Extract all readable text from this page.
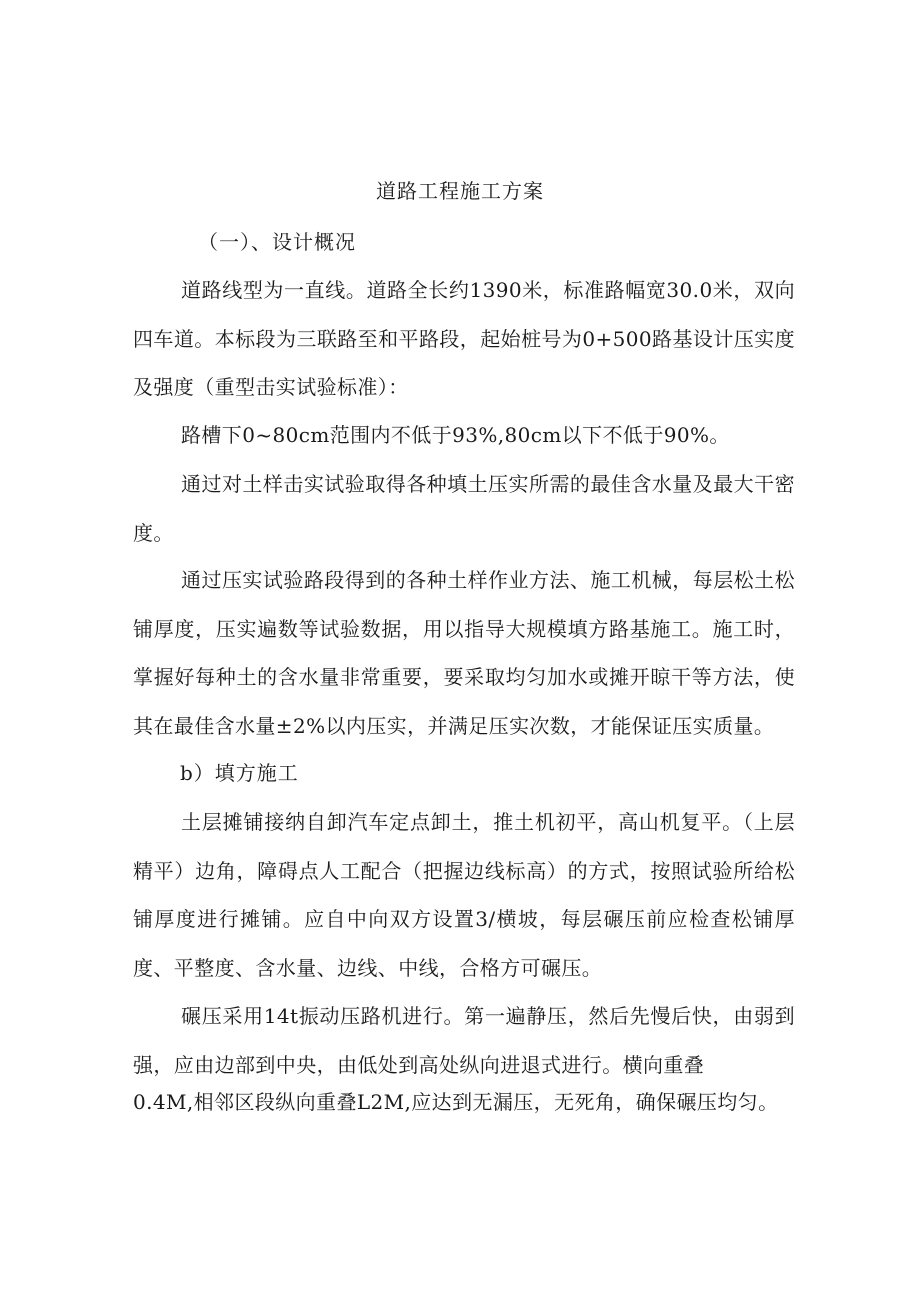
道路工程施工方案
（一）、设计概况

道路线型为一直线。道路全长约1390米，标准路幅宽30.0米，双向四车道。本标段为三联路至和平路段，起始桩号为0+500路基设计压实度及强度（重型击实试验标准）：

路槽下0~80cm范围内不低于93%,80cm以下不低于90%。

通过对土样击实试验取得各种填土压实所需的最佳含水量及最大干密度。

通过压实试验路段得到的各种土样作业方法、施工机械，每层松土松铺厚度，压实遍数等试验数据，用以指导大规模填方路基施工。施工时，掌握好每种土的含水量非常重要，要采取均匀加水或摊开晾干等方法，使其在最佳含水量±2%以内压实，并满足压实次数，才能保证压实质量。

b）填方施工

土层摊铺接纳自卸汽车定点卸土，推土机初平，高山机复平。（上层精平）边角，障碍点人工配合（把握边线标高）的方式，按照试验所给松铺厚度进行摊铺。应自中向双方设置3/横坡，每层碾压前应检查松铺厚度、平整度、含水量、边线、中线，合格方可碾压。

碾压采用14t振动压路机进行。第一遍静压，然后先慢后快，由弱到强，应由边部到中央，由低处到高处纵向进退式进行。横向重叠

0.4M,相邻区段纵向重叠L2M,应达到无漏压，无死角，确保碾压均匀。
